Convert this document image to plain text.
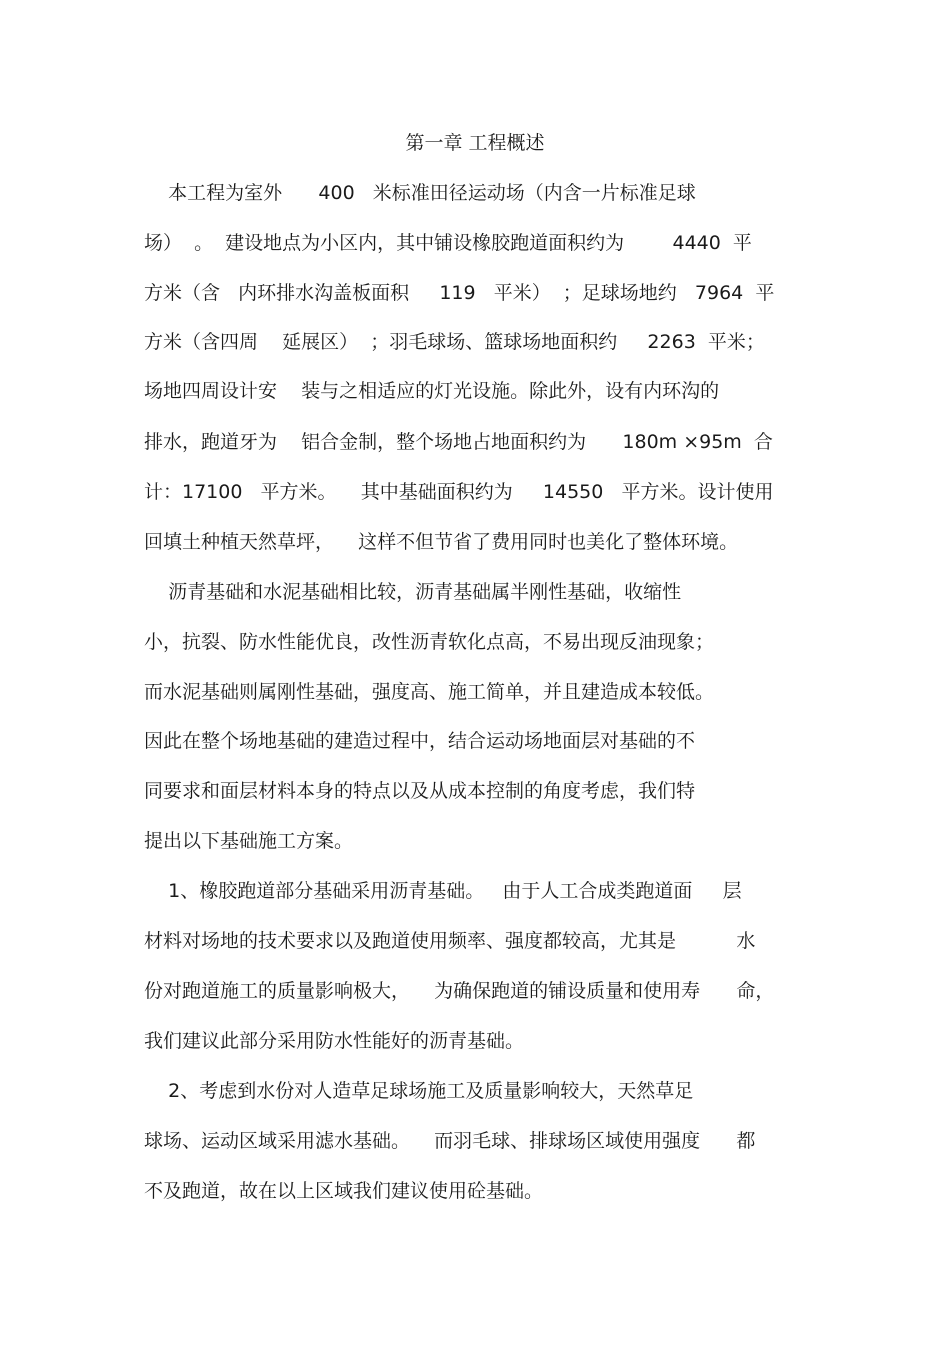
第一章 工程概述
本工程为室外      400   米标准田径运动场（内含一片标准足球
场）  。  建设地点为小区内，其中铺设橡胶跑道面积约为        4440  平
方米（含   内环排水沟盖板面积     119   平米）  ；足球场地约   7964  平
方米（含四周    延展区）  ；羽毛球场、篮球场地面积约     2263  平米；
场地四周设计安    装与之相适应的灯光设施。除此外，设有内环沟的
排水，跑道牙为    铝合金制，整个场地占地面积约为      180m ×95m  合
计：17100   平方米。    其中基础面积约为     14550   平方米。设计使用
回填土种植天然草坪，    这样不但节省了费用同时也美化了整体环境。
沥青基础和水泥基础相比较，沥青基础属半刚性基础，收缩性
小，抗裂、防水性能优良，改性沥青软化点高，不易出现反油现象；
而水泥基础则属刚性基础，强度高、施工简单，并且建造成本较低。
因此在整个场地基础的建造过程中，结合运动场地面层对基础的不
同要求和面层材料本身的特点以及从成本控制的角度考虑，我们特
提出以下基础施工方案。
1、橡胶跑道部分基础采用沥青基础。   由于人工合成类跑道面     层
材料对场地的技术要求以及跑道使用频率、强度都较高，尤其是          水
份对跑道施工的质量影响极大，    为确保跑道的铺设质量和使用寿      命，
我们建议此部分采用防水性能好的沥青基础。
2、考虑到水份对人造草足球场施工及质量影响较大，天然草足
球场、运动区域采用滤水基础。    而羽毛球、排球场区域使用强度      都
不及跑道，故在以上区域我们建议使用砼基础。
